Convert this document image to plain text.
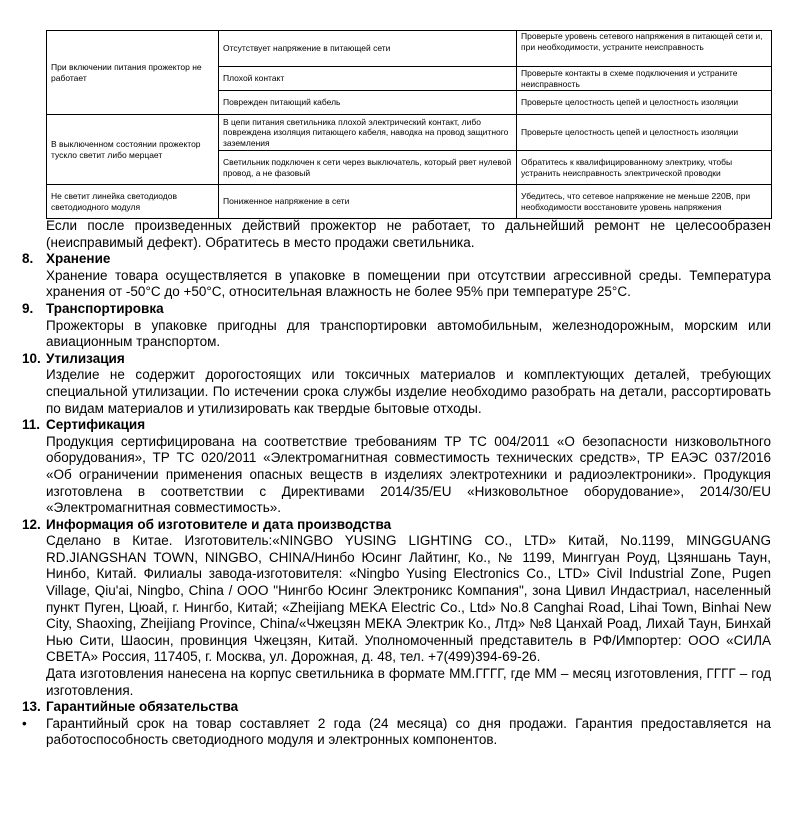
При включении питания прожектор не работает	Отсутствует напряжение в питающей сети	Проверьте уровень сетевого напряжения в питающей сети и, при необходимости, устраните неисправность
	Плохой контакт	Проверьте контакты в схеме подключения и устраните неисправность
	Поврежден питающий кабель	Проверьте целостность цепей и целостность изоляции
В выключенном состоянии прожектор тускло светит либо мерцает	В цепи питания светильника плохой электрический контакт, либо повреждена изоляция питающего кабеля, наводка на провод защитного заземления	Проверьте целостность цепей и целостность изоляции
	Светильник подключен к сети через выключатель, который рвет нулевой провод, а не фазовый	Обратитесь к квалифицированному электрику, чтобы устранить неисправность электрической проводки
Не светит линейка светодиодов светодиодного модуля	Пониженное напряжение в сети	Убедитесь, что сетевое напряжение не меньше 220В, при необходимости восстановите уровень напряжения
Если после произведенных действий прожектор не работает, то дальнейший ремонт не целесообразен (неисправимый дефект). Обратитесь в место продажи светильника.
8. Хранение
Хранение товара осуществляется в упаковке в помещении при отсутствии агрессивной среды. Температура хранения от -50°С до +50°С, относительная влажность не более 95% при температуре 25°С.
9. Транспортировка
Прожекторы в упаковке пригодны для транспортировки автомобильным, железнодорожным, морским или авиационным транспортом.
10. Утилизация
Изделие не содержит дорогостоящих или токсичных материалов и комплектующих деталей, требующих специальной утилизации. По истечении срока службы изделие необходимо разобрать на детали, рассортировать по видам материалов и утилизировать как твердые бытовые отходы.
11. Сертификация
Продукция сертифицирована на соответствие требованиям ТР ТС 004/2011 «О безопасности низковольтного оборудования», ТР ТС 020/2011 «Электромагнитная совместимость технических средств», ТР ЕАЭС 037/2016 «Об ограничении применения опасных веществ в изделиях электротехники и радиоэлектроники». Продукция изготовлена в соответствии с Директивами 2014/35/EU «Низковольтное оборудование», 2014/30/EU «Электромагнитная совместимость».
12. Информация об изготовителе и дата производства
Сделано в Китае. Изготовитель:«NINGBO YUSING LIGHTING CO., LTD» Китай, No.1199, MINGGUANG RD.JIANGSHAN TOWN, NINGBO, CHINA/Нинбо Юсинг Лайтинг, Ко., № 1199, Минггуан Роуд, Цзяншань Таун, Нинбо, Китай. Филиалы завода-изготовителя: «Ningbo Yusing Electronics Co., LTD» Civil Industrial Zone, Pugen Village, Qiu'ai, Ningbo, China / ООО "Нингбо Юсинг Электроникс Компания", зона Цивил Индастриал, населенный пункт Пуген, Цюай, г. Нингбо, Китай; «Zheijiang MEKA Electric Co., Ltd» No.8 Canghai Road, Lihai Town, Binhai New City, Shaoxing, Zheijiang Province, China/«Чжецзян МЕКА Электрик Ко., Лтд» №8 Цанхай Роад, Лихай Таун, Бинхай Нью Сити, Шаосин, провинция Чжецзян, Китай. Уполномоченный представитель в РФ/Импортер: ООО «СИЛА СВЕТА» Россия, 117405, г. Москва, ул. Дорожная, д. 48, тел. +7(499)394-69-26.
Дата изготовления нанесена на корпус светильника в формате ММ.ГГГГ, где ММ – месяц изготовления, ГГГГ – год изготовления.
13. Гарантийные обязательства
•	Гарантийный срок на товар составляет 2 года (24 месяца) со дня продажи. Гарантия предоставляется на работоспособность светодиодного модуля и электронных компонентов.
